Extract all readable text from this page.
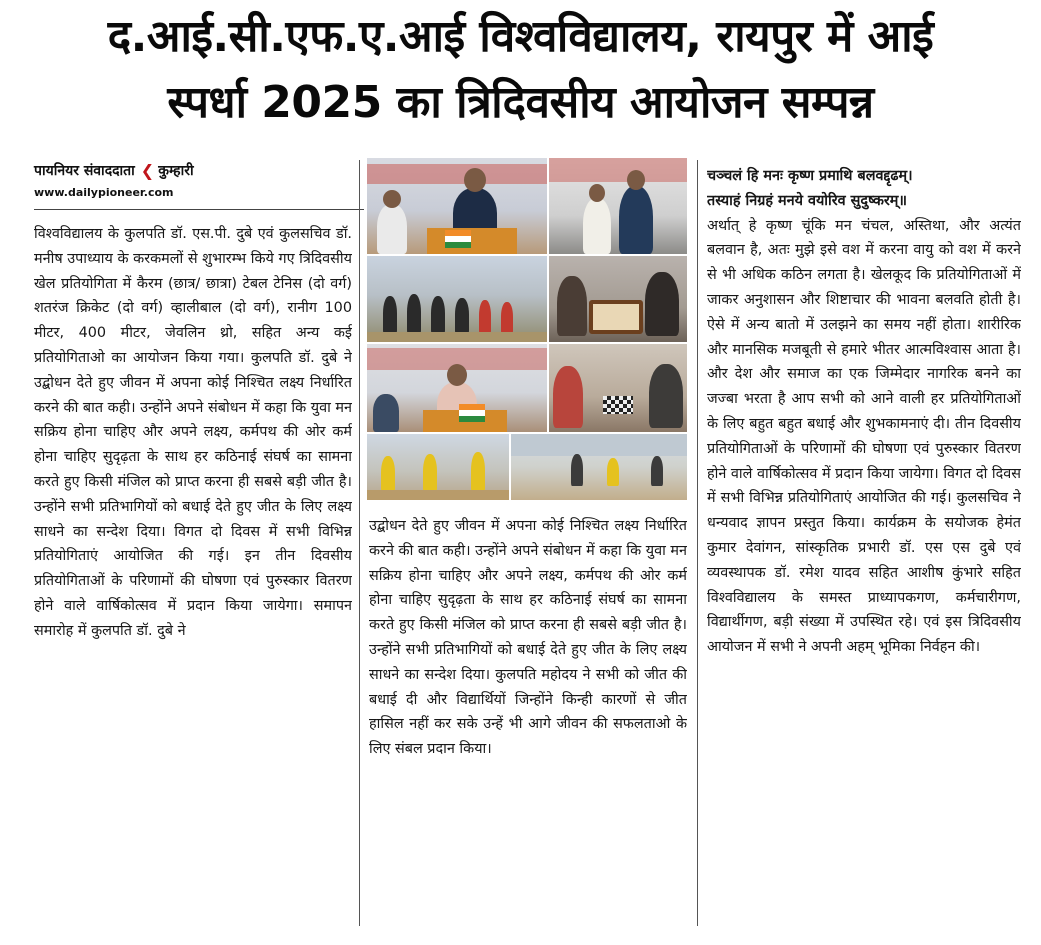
द.आई.सी.एफ.ए.आई विश्वविद्यालय, रायपुर में आई
स्पर्धा 2025 का त्रिदिवसीय आयोजन सम्पन्न
पायनियर संवाददाता ❮ कुम्हारी
www.dailypioneer.com
विश्वविद्यालय के कुलपति डॉ. एस.पी. दुबे एवं कुलसचिव डॉ. मनीष उपाध्याय के करकमलों से शुभारम्भ किये गए त्रिदिवसीय खेल प्रतियोगिता में कैरम (छात्र/ छात्रा) टेबल टेनिस (दो वर्ग) शतरंज क्रिकेट (दो वर्ग) व्हालीबाल (दो वर्ग), रानीग 100 मीटर, 400 मीटर, जेवलिन थ्रो, सहित अन्य कई प्रतियोगिताओ का आयोजन किया गया। कुलपति डॉ. दुबे ने उद्बोधन देते हुए जीवन में अपना कोई निश्चित लक्ष्य निर्धारित करने की बात कही। उन्होंने अपने संबोधन में कहा कि युवा मन सक्रिय होना चाहिए और अपने लक्ष्य, कर्मपथ की ओर कर्म होना चाहिए सुदृढ़ता के साथ हर कठिनाई संघर्ष का सामना करते हुए किसी मंजिल को प्राप्त करना ही सबसे बड़ी जीत है। उन्होंने सभी प्रतिभागियों को बधाई देते हुए जीत के लिए लक्ष्य साधने का सन्देश दिया। विगत दो दिवस में सभी विभिन्न प्रतियोगिताएं आयोजित की गई। इन तीन दिवसीय प्रतियोगिताओं के परिणामों की घोषणा एवं पुरुस्कार वितरण होने वाले वार्षिकोत्सव में प्रदान किया जायेगा। समापन समारोह में कुलपति डॉ. दुबे ने
उद्बोधन देते हुए जीवन में अपना कोई निश्चित लक्ष्य निर्धारित करने की बात कही। उन्होंने अपने संबोधन में कहा कि युवा मन सक्रिय होना चाहिए और अपने लक्ष्य, कर्मपथ की ओर कर्म होना चाहिए सुदृढ़ता के साथ हर कठिनाई संघर्ष का सामना करते हुए किसी मंजिल को प्राप्त करना ही सबसे बड़ी जीत है। उन्होंने सभी प्रतिभागियों को बधाई देते हुए जीत के लिए लक्ष्य साधने का सन्देश दिया। कुलपति महोदय ने सभी को जीत की बधाई दी और विद्यार्थियों जिन्होंने किन्ही कारणों से जीत हासिल नहीं कर सके उन्हें भी आगे जीवन की सफलताओ के लिए संबल प्रदान किया।
चञ्चलं हि मनः कृष्ण प्रमाथि बलवद्दृढम्।
तस्याहं निग्रहं मनये वयोरिव सुदुष्करम्॥
अर्थात् हे कृष्ण चूंकि मन चंचल, अस्तिथा, और अत्यंत बलवान है, अतः मुझे इसे वश में करना वायु को वश में करने से भी अधिक कठिन लगता है। खेलकूद कि प्रतियोगिताओं में जाकर अनुशासन और शिष्टाचार की भावना बलवति होती है। ऐसे में अन्य बातो में उलझने का समय नहीं होता। शारीरिक और मानसिक मजबूती से हमारे भीतर आत्मविश्वास आता है। और देश और समाज का एक जिम्मेदार नागरिक बनने का जज्बा भरता है आप सभी को आने वाली हर प्रतियोगिताओं के लिए बहुत बहुत बधाई और शुभकामनाएं दी। तीन दिवसीय प्रतियोगिताओं के परिणामों की घोषणा एवं पुरुस्कार वितरण होने वाले वार्षिकोत्सव में प्रदान किया जायेगा। विगत दो दिवस में सभी विभिन्न प्रतियोगिताएं आयोजित की गई। कुलसचिव ने धन्यवाद ज्ञापन प्रस्तुत किया। कार्यक्रम के सयोजक हेमंत कुमार देवांगन, सांस्कृतिक प्रभारी डॉ. एस एस दुबे एवं व्यवस्थापक डॉ. रमेश यादव सहित आशीष कुंभारे सहित विश्वविद्यालय के समस्त प्राध्यापकगण, कर्मचारीगण, विद्यार्थीगण, बड़ी संख्या में उपस्थित रहे। एवं इस त्रिदिवसीय आयोजन में सभी ने अपनी अहम् भूमिका निर्वहन की।
